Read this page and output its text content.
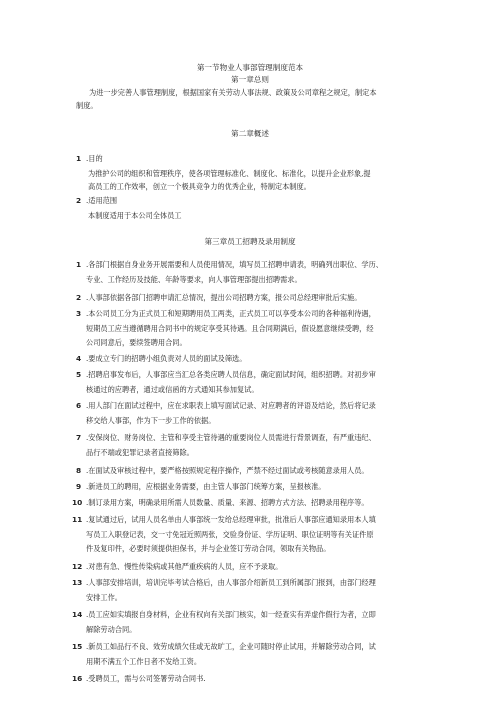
第一节物业人事部管理制度范本
第一章总则
为进一步完善人事管理制度，根据国家有关劳动人事法规、政策及公司章程之规定，制定本
制度。
第二章概述
1 .目的
为推护公司的组织和管理秩序，使各项管理标准化、制度化、标准化，以提升企业形象,提
高员工的工作效率，创立一个极具竞争力的优秀企业，特制定本制度。
2 .适用范围
本制度适用于本公司全体员工
第三章员工招聘及录用制度
1 .各部门根据自身业务开展需要和人员使用情况，填写员工招聘申请表，明确列出职位、学历、
专业、工作经历及技能、年龄等要求，向人事管理部提出招聘需求。
2 .人事部依据各部门招聘申请汇总情况，提出公司招聘方案，报公司总经理审批后实施。
3 .本公司员工分为正式员工和短期聘用员工两类，正式员工可以享受本公司的各种福利待遇，
短期员工应当遵循聘用合同书中的规定享受其待遇。且合同期满后，假设愿意继续受聘，经
公司同意后，要续签聘用合同。
4 .要成立专门的招聘小组负责对人员的面试及筛选。
5 .招聘启事发布后，人事部应当汇总各类应聘人员信息，确定面试时间，组织招聘。对初步审
核通过的应聘者，通过或信函的方式通知其参加复试。
6 .用人部门在面试过程中，应在求职表上填写面试记录、对应聘者的评语及结论，然后将记录
移交给人事部，作为下一步工作的依据。
7 .安保岗位、财务岗位、主管和享受主管待遇的重要岗位人员需进行背景调查，有严重违纪、
品行不端或犯罪记录者直接筛除。
8 .在面试及审核过程中，要严格按照规定程序操作，严禁不经过面试或考核随意录用人员。
9 .新进员工的聘用，应根据业务需要，由主管人事部门统筹方案，呈报核准。
10 .制订录用方案，明确录用所需人员数量、质量、来源、招聘方式方法、招聘录用程序等。
11 .复试通过后，试用人员名单由人事部统一发给总经理审批，批准后人事部应通知录用本人填
写员工入职登记表，交一寸免冠近照两张，交验身份证、学历证明、职位证明等有关证件原
件及复印件，必要时须提供担保书，并与企业签订劳动合同，领取有关物品。
12 .对患有急、慢性传染病或其他严重疾病的人员，应不予录取。
13 .人事部安排培训，培训完毕考试合格后，由人事部介绍新员工到所属部门报到，由部门经理
安排工作。
14 .员工应如实填报自身材料，企业有权向有关部门核实，如一经查实有弄虚作假行为者，立即
解除劳动合同。
15 .新员工如品行不良、效劳成绩欠佳或无故旷工，企业可随时停止试用，并解除劳动合同，试
用期不满五个工作日者不发给工资。
16 .受聘员工，需与公司签署劳动合同书.
